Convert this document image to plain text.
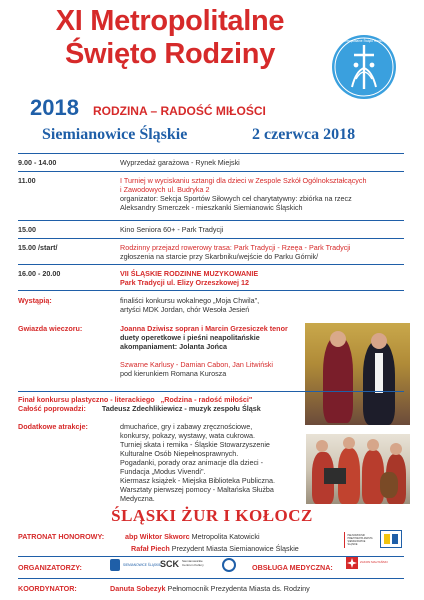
XI Metropolitalne
Święto Rodziny	Metropolitalne Święto Rodziny
2018 RODZINA – RADOŚĆ MIŁOŚCI
Siemianowice Śląskie	2 czerwca 2018
9.00 - 14.00	Wyprzedaż garażowa - Rynek Miejski
11.00	I Turniej w wyciskaniu sztangi dla dzieci w Zespole Szkół Ogólnokształcących
i Zawodowych ul. Budryka 2
organizator: Sekcja Sportów Siłowych cel charytatywny: zbiórka na rzecz
Aleksandry Smerczek - mieszkanki Siemianowic Śląskich
15.00	Kino Seniora 60+ - Park Tradycji
15.00 /start/	Rodzinny przejazd rowerowy trasa: Park Tradycji - Rzeęa - Park Tradycji
zgłoszenia na starcie przy Skarbniku/wejście do Parku Górnik/
16.00 - 20.00	VII ŚLĄSKIE RODZINNE MUZYKOWANIE
Park Tradycji ul. Elizy Orzeszkowej 12
Wystąpią:	finaliści konkursu wokalnego „Moja Chwila",
artyści MDK Jordan, chór Wesoła Jesień
Gwiazda wieczoru:	Joanna Dziwisz sopran i Marcin Grzesiczek tenor
duety operetkowe i pieśni neapolitańskie
akompaniament: Jolanta Jońca
Szwarne Karlusy - Damian Cabon, Jan Litwiński
pod kierunkiem Romana Kurosza
Finał konkursu plastyczno - literackiego „Rodzina - radość miłości"
Całość poprowadzi: Tadeusz Zdechlikiewicz - muzyk zespołu Śląsk
Dodatkowe atrakcje:	dmuchańce, gry i zabawy zręcznościowe,
konkursy, pokazy, wystawy, wata cukrowa.
Turniej skata i remika - Śląskie Stowarzyszenie
Kulturalne Osób Niepełnosprawnych.
Pogadanki, porady oraz animacje dla dzieci -
Fundacja „Modus Vivendi".
Kiermasz książek - Miejska Biblioteka Publiczna.
Warsztaty pierwszej pomocy - Maltańska Służba Medyczna.
ŚLĄSKI ŻUR I KOŁOCZ
PATRONAT HONOROWY:	abp Wiktor Skworc Metropolita Katowicki
Rafał Piech Prezydent Miasta Siemianowice Śląskie
PEŁNOMOCNIK PREZYDENTA MIASTA SIEMIANOWICE ŚLĄSKIE
ORGANIZATORZY:	SIEMIANOWICE ŚLĄSKIE
SCK Siemianowickie Centrum Kultury	OBSŁUGA MEDYCZNA:
ZAKON MALTAŃSKI
KOORDYNATOR:	Danuta Sobezyk Pełnomocnik Prezydenta Miasta ds. Rodziny
